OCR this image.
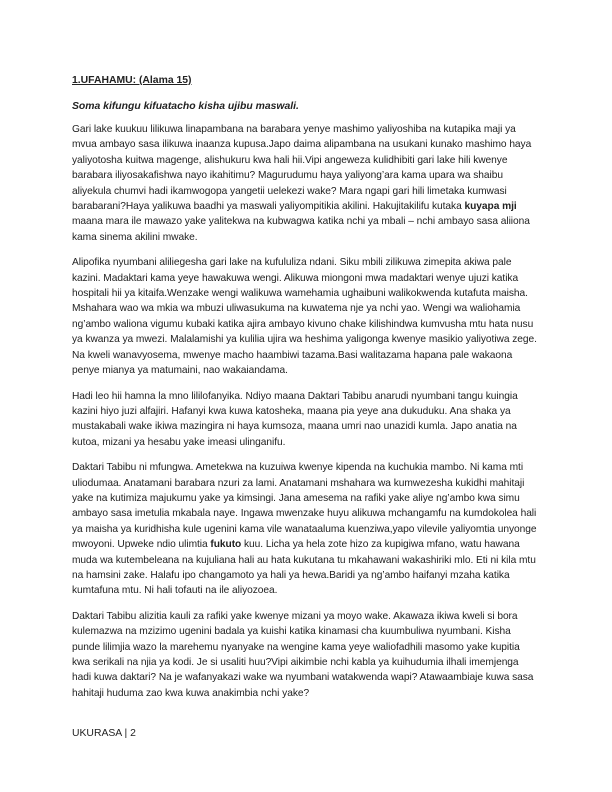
1.UFAHAMU: (Alama 15)
Soma kifungu kifuatacho kisha ujibu maswali.

Gari lake kuukuu lilikuwa linapambana na barabara yenye mashimo yaliyoshiba na kutapika maji ya mvua ambayo sasa ilikuwa inaanza kupusa.Japo daima alipambana na usukani kunako mashimo haya yaliyotosha kuitwa magenge, alishukuru kwa hali hii.Vipi angeweza kulidhibiti gari lake hili kwenye barabara iliyosakafishwa nayo ikahitimu? Magurudumu haya yaliyong’ara kama upara wa shaibu aliyekula chumvi hadi ikamwogopa yangetii uelekezi wake? Mara ngapi gari hili limetaka kumwasi barabarani?Haya yalikuwa baadhi ya maswali yaliyompitikia akilini. Hakujitakilifu kutaka kuyapa mji maana mara ile mawazo yake yalitekwa na kubwagwa katika nchi ya mbali – nchi ambayo sasa aliiona kama sinema akilini mwake.

Alipofika nyumbani aliliegesha gari lake na kufululiza ndani. Siku mbili zilikuwa zimepita akiwa pale kazini. Madaktari kama yeye hawakuwa wengi. Alikuwa miongoni mwa madaktari wenye ujuzi katika hospitali hii ya kitaifa.Wenzake wengi walikuwa wamehamia ughaibuni walikokwenda kutafuta maisha. Mshahara wao wa mkia wa mbuzi uliwasukuma na kuwatema nje ya nchi yao. Wengi wa waliohamia ng’ambo waliona vigumu kubaki katika ajira ambayo kivuno chake kilishindwa kumvusha mtu hata nusu ya kwanza ya mwezi. Malalamishi ya kulilia ujira wa heshima yaligonga kwenye masikio yaliyotiwa zege. Na kweli wanavyosema, mwenye macho haambiwi tazama.Basi walitazama hapana pale wakaona penye mianya ya matumaini, nao wakaiandama.

Hadi leo hii hamna la mno lililofanyika. Ndiyo maana Daktari Tabibu anarudi nyumbani tangu kuingia kazini hiyo juzi alfajiri. Hafanyi kwa kuwa katosheka, maana pia yeye ana dukuduku. Ana shaka ya mustakabali wake ikiwa mazingira ni haya kumsoza, maana umri nao unazidi kumla. Japo anatia na kutoa, mizani ya hesabu yake imeasi ulinganifu.

Daktari Tabibu ni mfungwa. Ametekwa na kuzuiwa kwenye kipenda na kuchukia mambo. Ni kama mti uliodumaa. Anatamani barabara nzuri za lami. Anatamani mshahara wa kumwezesha kukidhi mahitaji yake na kutimiza majukumu yake ya kimsingi. Jana amesema na rafiki yake aliye ng’ambo kwa simu ambayo sasa imetulia mkabala naye. Ingawa mwenzake huyu alikuwa mchangamfu na kumdokolea hali ya maisha ya kuridhisha kule ugenini kama vile wanataaluma kuenziwa,yapo vilevile yaliyomtia unyonge mwoyoni. Upweke ndio ulimtia fukuto kuu. Licha ya hela zote hizo za kupigiwa mfano, watu hawana muda wa kutembeleana na kujuliana hali au hata kukutana tu mkahawani wakashiriki mlo. Eti ni kila mtu na hamsini zake. Halafu ipo changamoto ya hali ya hewa.Baridi ya ng’ambo haifanyi mzaha katika kumtafuna mtu. Ni hali tofauti na ile aliyozoea.

Daktari Tabibu alizitia kauli za rafiki yake kwenye mizani ya moyo wake. Akawaza ikiwa kweli si bora kulemazwa na mzizimo ugenini badala ya kuishi katika kinamasi cha kuumbuliwa nyumbani. Kisha punde lilimjia wazo la marehemu nyanyake na wengine kama yeye waliofadhili masomo yake kupitia kwa serikali na njia ya kodi. Je si usaliti huu?Vipi aikimbie nchi kabla ya kuihudumia ilhali imemjenga hadi kuwa daktari? Na je wafanyakazi wake wa nyumbani watakwenda wapi? Atawaambiaje kuwa sasa hahitaji huduma zao kwa kuwa anakimbia nchi yake?

UKURASA | 2
